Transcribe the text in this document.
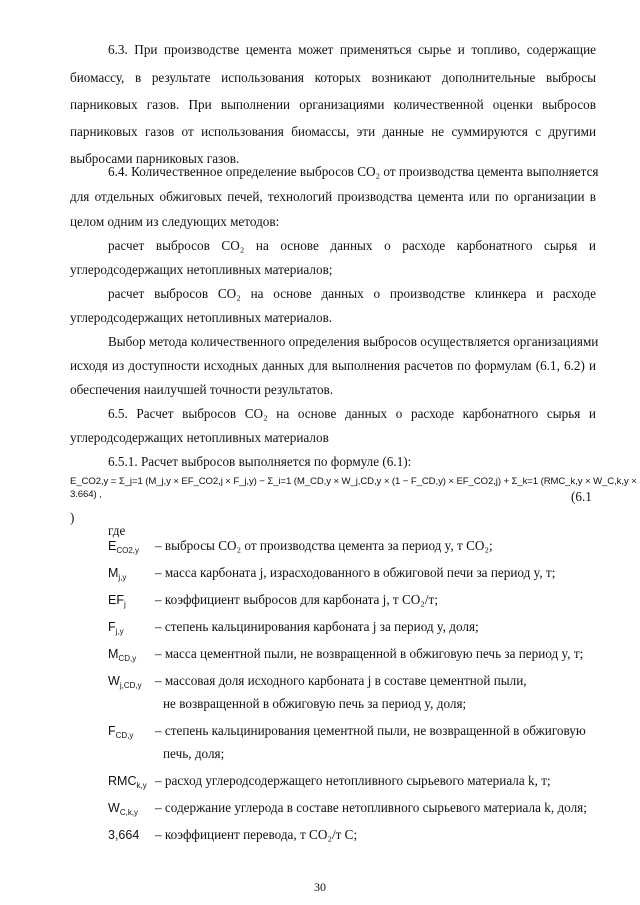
6.3. При производстве цемента может применяться сырье и топливо, содержащие
биомассу, в результате использования которых возникают дополнительные выбросы
парниковых газов. При выполнении организациями количественной оценки выбросов
парниковых газов от использования биомассы, эти данные не суммируются с другими
выбросами парниковых газов.
6.4. Количественное определение выбросов CO₂ от производства цемента выполняется
для отдельных обжиговых печей, технологий производства цемента или по организации в
целом одним из следующих методов:
расчет выбросов CO₂ на основе данных о расходе карбонатного сырья и
углеродсодержащих нетопливных материалов;
расчет выбросов CO₂ на основе данных о производстве клинкера и расходе
углеродсодержащих нетопливных материалов.
Выбор метода количественного определения выбросов осуществляется организациями
исходя из доступности исходных данных для выполнения расчетов по формулам (6.1, 6.2) и
обеспечения наилучшей точности результатов.
6.5. Расчет выбросов CO₂ на основе данных о расходе карбонатного сырья и
углеродсодержащих нетопливных материалов
6.5.1. Расчет выбросов выполняется по формуле (6.1):
E_CO2,y = Σ_j=1 (M_j,y × EF_CO2,j × F_j,y) − Σ_i=1 (M_CD,y × W_j,CD,y × (1 − F_CD,y) × EF_CO2,j) + Σ_k=1 (RMC_k,y × W_C,k,y ×
3.664) ,	(6.1
)
где
30
$E_{CO2,y}$ – выбросы CO₂ от производства цемента за период y, т CO₂;
$M_{j,y}$ – масса карбоната j, израсходованного в обжиговой печи за период y, т;
$EF_j$ – коэффициент выбросов для карбоната j, т CO₂/т;
$F_{j,y}$ – степень кальцинирования карбоната j за период y, доля;
$M_{CD,y}$ – масса цементной пыли, не возвращенной в обжиговую печь за период y, т;
$W_{j,CD,y}$ – массовая доля исходного карбоната j в составе цементной пыли,
не возвращенной в обжиговую печь за период y, доля;
$F_{CD,y}$ – степень кальцинирования цементной пыли, не возвращенной в обжиговую
печь, доля;
$RMC_{k,y}$ – расход углеродсодержащего нетопливного сырьевого материала k, т;
$W_{C,k,y}$ – содержание углерода в составе нетопливного сырьевого материала k, доля;
3,664 – коэффициент перевода, т CO₂/т C;
